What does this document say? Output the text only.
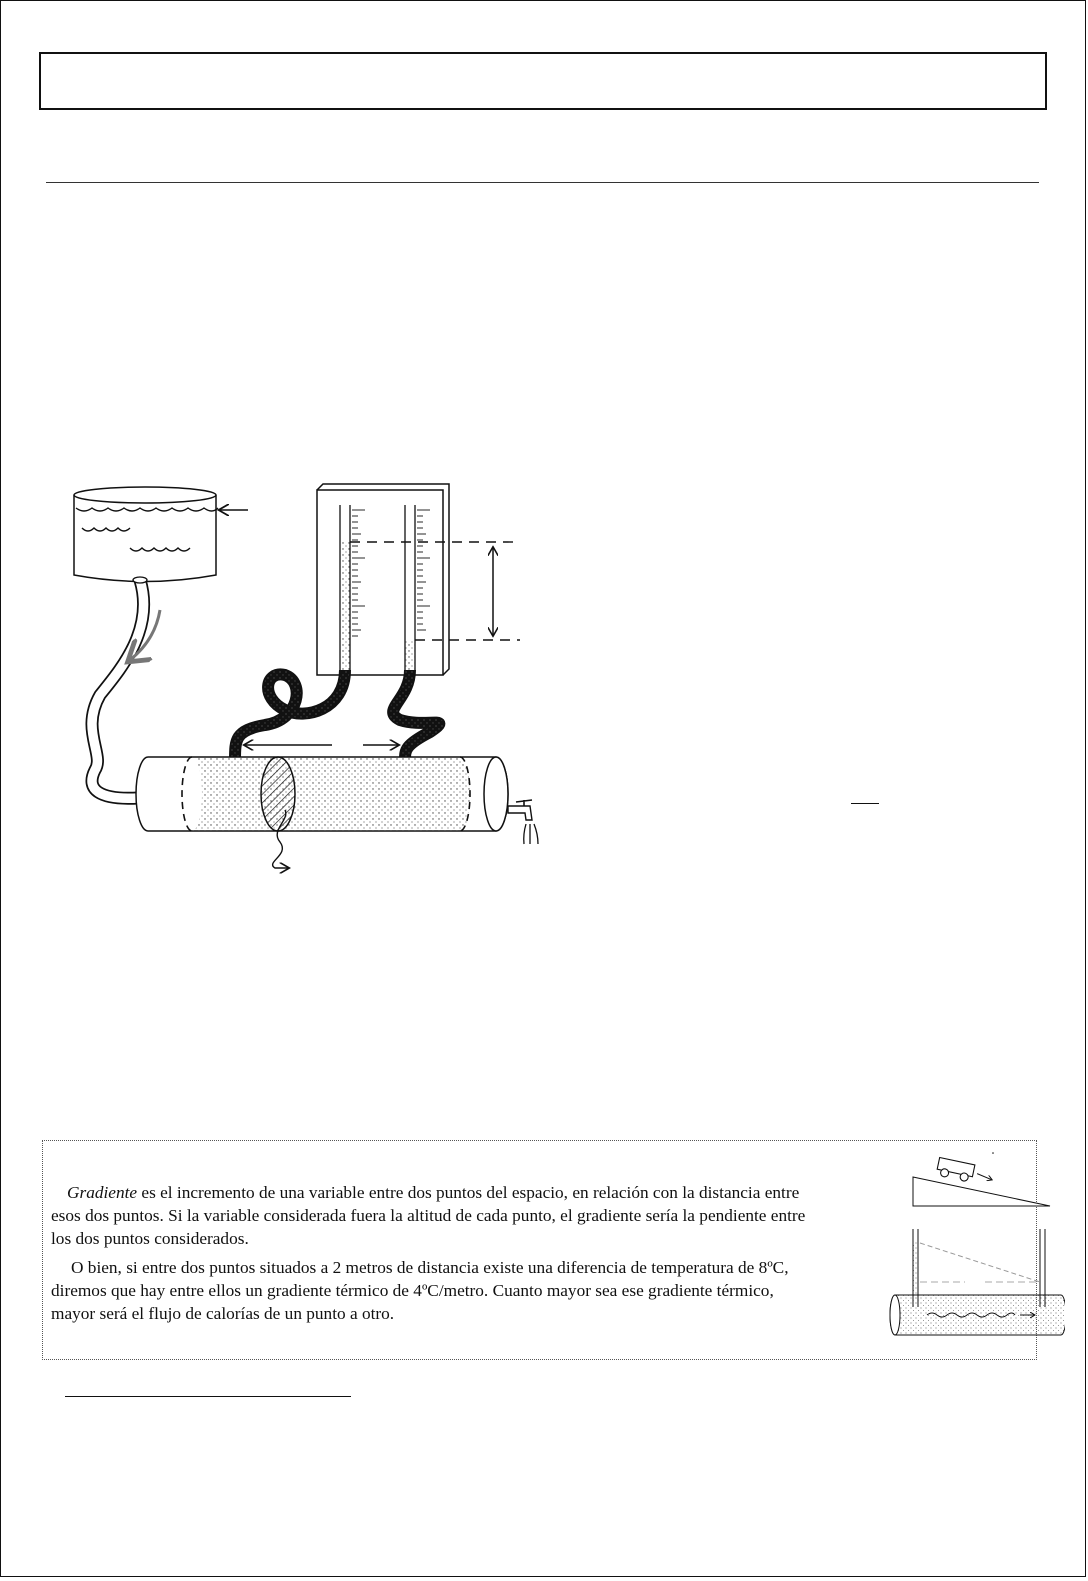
Gradiente es el incremento de una variable entre dos puntos del espacio, en relación con la distancia entre esos dos puntos. Si la variable considerada fuera la altitud de cada punto, el gradiente sería la pendiente entre los dos puntos considerados.

O bien, si entre dos puntos situados a 2 metros de distancia existe una diferencia de temperatura de 8ºC, diremos que hay entre ellos un gradiente térmico de 4ºC/metro. Cuanto mayor sea ese gradiente térmico, mayor será el flujo de calorías de un punto a otro.
